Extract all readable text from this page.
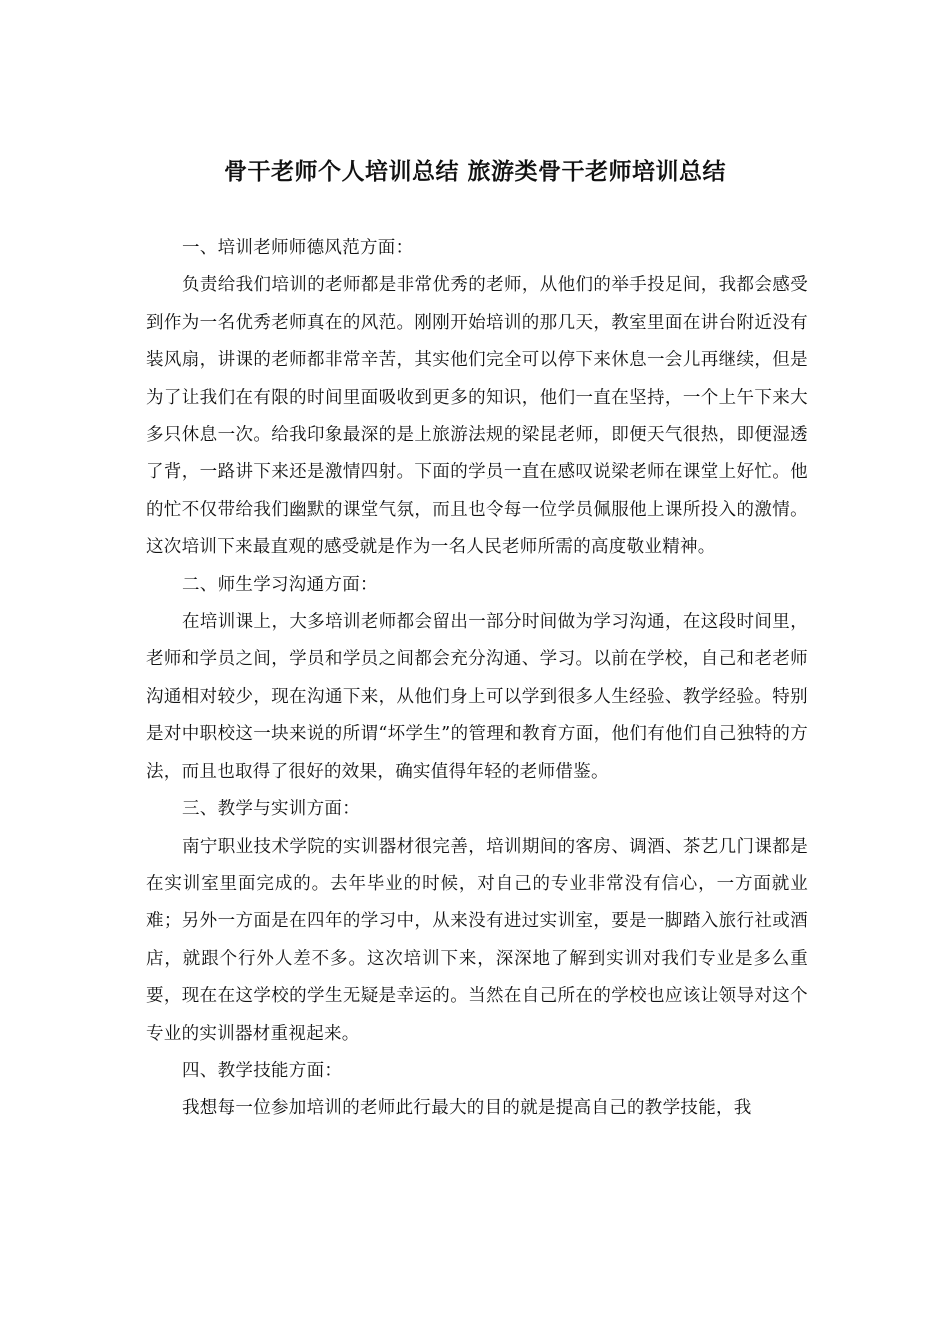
骨干老师个人培训总结 旅游类骨干老师培训总结

一、培训老师师德风范方面：

负责给我们培训的老师都是非常优秀的老师，从他们的举手投足间，我都会感受到作为一名优秀老师真在的风范。刚刚开始培训的那几天，教室里面在讲台附近没有装风扇，讲课的老师都非常辛苦，其实他们完全可以停下来休息一会儿再继续，但是为了让我们在有限的时间里面吸收到更多的知识，他们一直在坚持，一个上午下来大多只休息一次。给我印象最深的是上旅游法规的梁昆老师，即便天气很热，即便湿透了背，一路讲下来还是激情四射。下面的学员一直在感叹说梁老师在课堂上好忙。他的忙不仅带给我们幽默的课堂气氛，而且也令每一位学员佩服他上课所投入的激情。这次培训下来最直观的感受就是作为一名人民老师所需的高度敬业精神。

二、师生学习沟通方面：

在培训课上，大多培训老师都会留出一部分时间做为学习沟通，在这段时间里，老师和学员之间，学员和学员之间都会充分沟通、学习。以前在学校，自己和老老师沟通相对较少，现在沟通下来，从他们身上可以学到很多人生经验、教学经验。特别是对中职校这一块来说的所谓“坏学生”的管理和教育方面，他们有他们自己独特的方法，而且也取得了很好的效果，确实值得年轻的老师借鉴。

三、教学与实训方面：

南宁职业技术学院的实训器材很完善，培训期间的客房、调酒、茶艺几门课都是在实训室里面完成的。去年毕业的时候，对自己的专业非常没有信心，一方面就业难；另外一方面是在四年的学习中，从来没有进过实训室，要是一脚踏入旅行社或酒店，就跟个行外人差不多。这次培训下来，深深地了解到实训对我们专业是多么重要，现在在这学校的学生无疑是幸运的。当然在自己所在的学校也应该让领导对这个专业的实训器材重视起来。

四、教学技能方面：

我想每一位参加培训的老师此行最大的目的就是提高自己的教学技能，我
